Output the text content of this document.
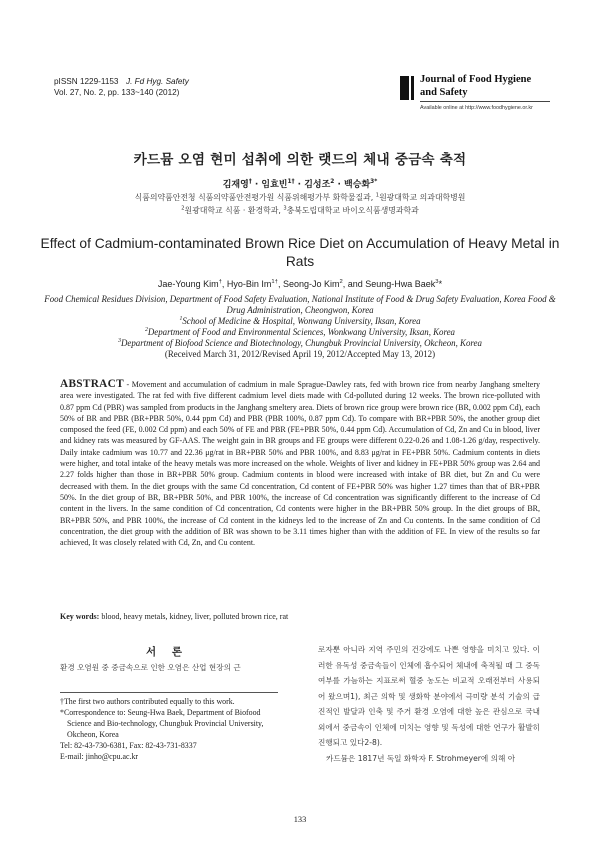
pISSN 1229-1153 J. Fd Hyg. Safety
Vol. 27, No. 2, pp. 133~140 (2012)
Journal of Food Hygiene
and Safety
Available online at http://www.foodhygiene.or.kr
카드뮴 오염 현미 섭취에 의한 랫드의 체내 중금속 축적
김재영† · 임효빈$^{1\dagger}$ · 김성조$^2$ · 백승화$^{3*}$
식품의약품안전청 식품의약품안전평가원 식품위해평가부 화학물질과, $^1$원광대학교 의과대학병원
$^2$원광대학교 식품 · 환경학과, $^3$충북도립대학교 바이오식품생명과학과
Effect of Cadmium-contaminated Brown Rice Diet on Accumulation of Heavy Metal in Rats
Jae-Young Kim†, Hyo-Bin $Im^{1\dagger}$, Seong-Jo Kim$^2$, and Seung-Hwa Baek$^3$*
Food Chemical Residues Division, Department of Food Safety Evaluation, National Institute of Food & Drug Safety Evaluation, Korea Food & Drug Administration, Cheongwon, Korea
$^1$School of Medicine & Hospital, Wonwang University, Iksan, Korea
$^2$Department of Food and Environmental Sciences, Wonkwang University, Iksan, Korea
$^3$Department of Biofood Science and Biotechnology, Chungbuk Provincial University, Okcheon, Korea
(Received March 31, 2012/Revised April 19, 2012/Accepted May 13, 2012)
ABSTRACT - Movement and accumulation of cadmium in male Sprague-Dawley rats, fed with brown rice from nearby Janghang smeltery area were investigated. The rat fed with five different cadmium level diets made with Cd-polluted during 12 weeks. The brown rice-polluted with 0.87 ppm Cd (PBR) was sampled from products in the Janghang smeltery area. Diets of brown rice group were brown rice (BR, 0.002 ppm Cd), each 50% of BR and PBR (BR+PBR 50%, 0.44 ppm Cd) and PBR (PBR 100%, 0.87 ppm Cd). To compare with BR+PBR 50%, the another group diet composed the feed (FE, 0.002 Cd ppm) and each 50% of FE and PBR (FE+PBR 50%, 0.44 ppm Cd). Accumulation of Cd, Zn and Cu in blood, liver and kidney rats was measured by GF-AAS. The weight gain in BR groups and FE groups were different 0.22-0.26 and 1.08-1.26 g/day, respectively. Daily intake cadmium was 10.77 and 22.36 μg/rat in BR+PBR 50% and PBR 100%, and 8.83 μg/rat in FE+PBR 50%. Cadmium contents in diets were higher, and total intake of the heavy metals was more increased on the whole. Weights of liver and kidney in FE+PBR 50% group was 2.64 and 2.27 folds higher than those in BR+PBR 50% group. Cadmium contents in blood were increased with intake of BR diet, but Zn and Cu were decreased with them. In the diet groups with the same Cd concentration, Cd content of FE+PBR 50% was higher 1.27 times than that of BR+PBR 50%. In the diet group of BR, BR+PBR 50%, and PBR 100%, the increase of Cd concentration was significantly different to the increase of Cd content in the livers. In the same condition of Cd concentration, Cd contents were higher in the BR+PBR 50% group. In the diet groups of BR, BR+PBR 50%, and PBR 100%, the increase of Cd content in the kidneys led to the increase of Zn and Cu contents. In the same condition of Cd concentration, the diet group with the addition of BR was shown to be 3.11 times higher than with the addition of FE. In view of the results so far achieved, It was closely related with Cd, Zn, and Cu content.
Key words: blood, heavy metals, kidney, liver, polluted brown rice, rat
서 론
환경 오염원 중 중금속으로 인한 오염은 산업 현장의 근
†The first two authors contributed equally to this work.
*Correspondence to: Seung-Hwa Baek, Department of Biofood
Science and Bio-technology, Chungbuk Provincial University,
Okcheon, Korea
Tel: 82-43-730-6381, Fax: 82-43-731-8337
E-mail: jinho@cpu.ac.kr
로자뿐 아니라 지역 주민의 건강에도 나쁜 영향을 미치고 있다. 이러한 유독성 중금속들이 인체에 흡수되어 체내에 축적될 때 그 중독 여부를 가늠하는 지표로써 혈중 농도는 비교적 오래전부터 사용되어 왔으며1), 최근 의학 및 생화학 분야에서 극미량 분석 기술의 급진적인 발달과 인축 및 주거 환경 오염에 대한 높은 관심으로 국내외에서 중금속이 인체에 미치는 영향 및 독성에 대한 연구가 활발히 진행되고 있다2-8).
카드뮴은 1817년 독일 화학자 F. Strohmeyer에 의해 아
133
